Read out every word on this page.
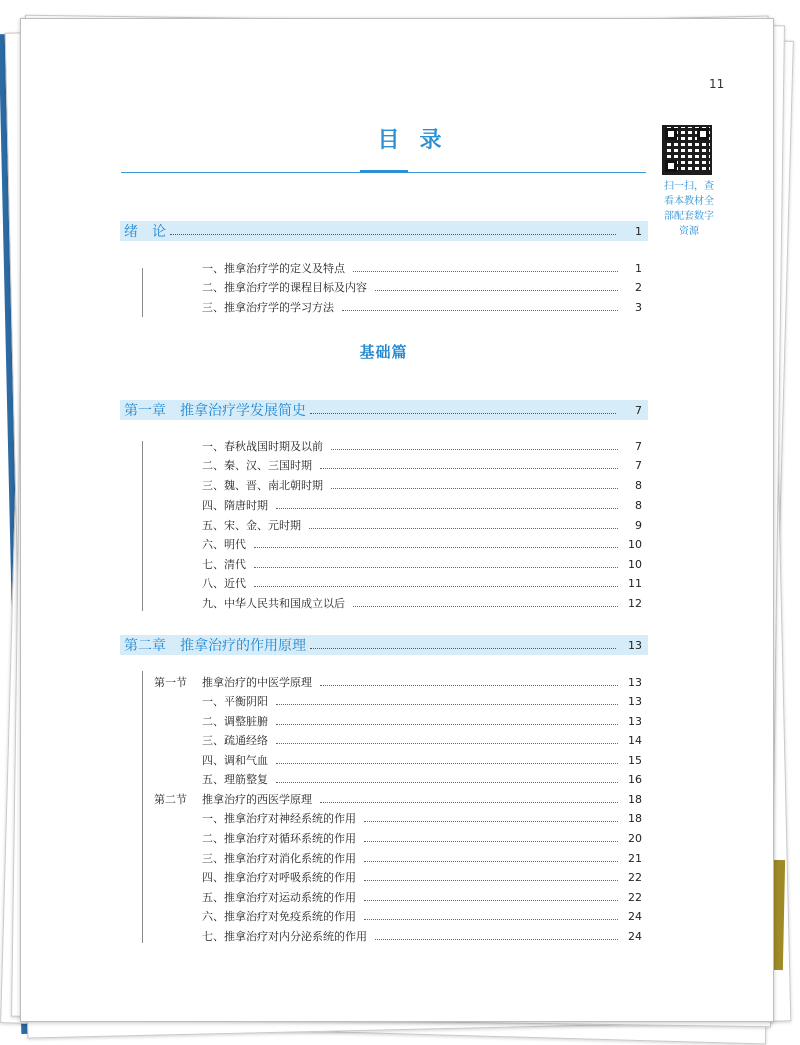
11
目录
扫一扫，查
看本教材全
部配套数字
资源
绪　论	1
一、推拿治疗学的定义及特点	1
二、推拿治疗学的课程目标及内容	2
三、推拿治疗学的学习方法	3
基础篇
第一章　推拿治疗学发展简史	7
一、春秋战国时期及以前	7
二、秦、汉、三国时期	7
三、魏、晋、南北朝时期	8
四、隋唐时期	8
五、宋、金、元时期	9
六、明代	10
七、清代	10
八、近代	11
九、中华人民共和国成立以后	12
第二章　推拿治疗的作用原理	13
第一节	推拿治疗的中医学原理	13
一、平衡阴阳	13
二、调整脏腑	13
三、疏通经络	14
四、调和气血	15
五、理筋整复	16
第二节	推拿治疗的西医学原理	18
一、推拿治疗对神经系统的作用	18
二、推拿治疗对循环系统的作用	20
三、推拿治疗对消化系统的作用	21
四、推拿治疗对呼吸系统的作用	22
五、推拿治疗对运动系统的作用	22
六、推拿治疗对免疫系统的作用	24
七、推拿治疗对内分泌系统的作用	24
